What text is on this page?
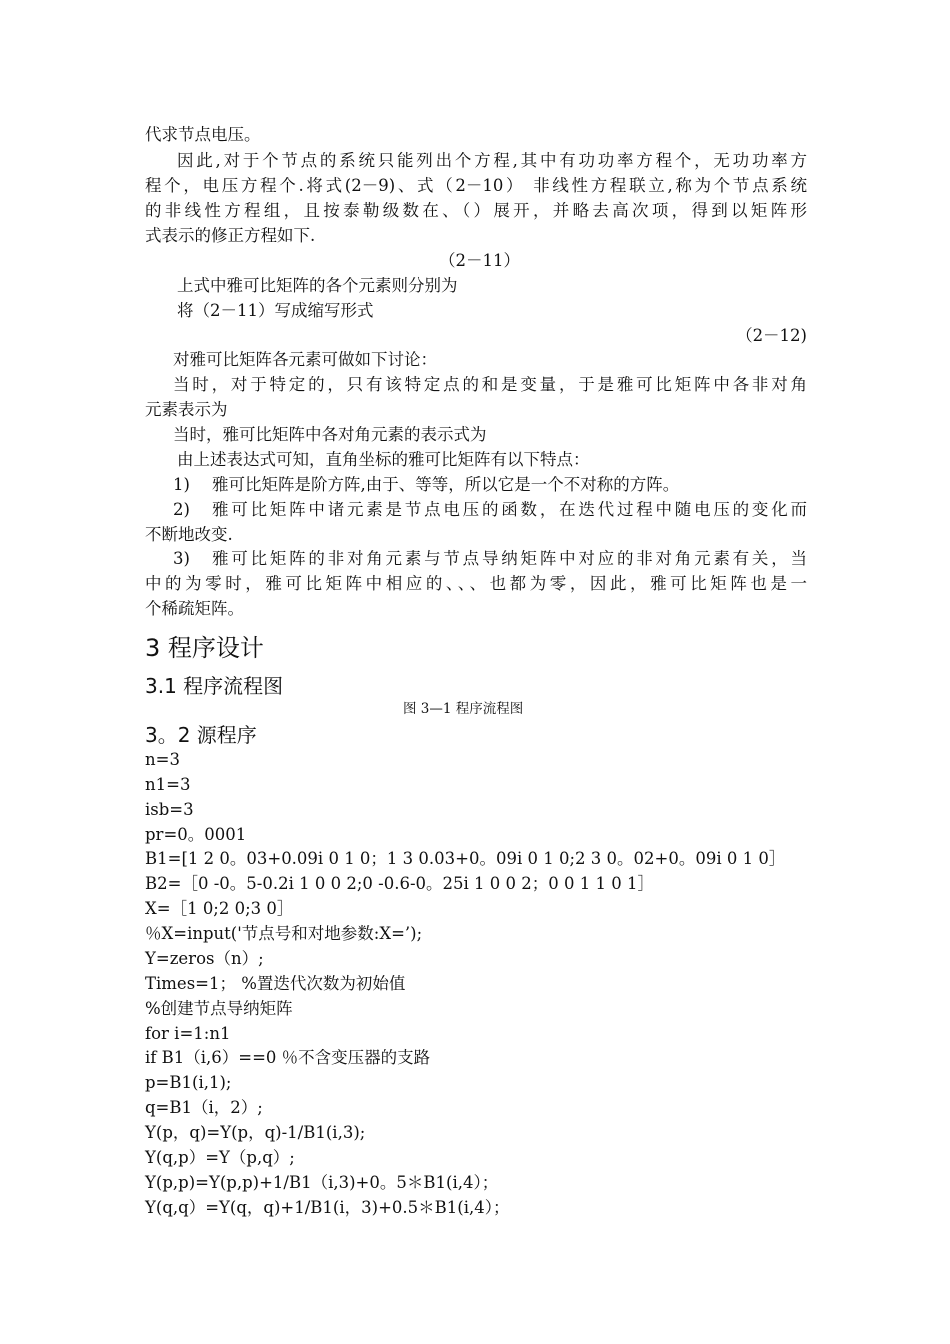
代求节点电压。
因此,对于个节点的系统只能列出个方程,其中有功功率方程个，无功功率方
程个，电压方程个.将式(2－9)、式（2－10） 非线性方程联立,称为个节点系统
的非线性方程组，且按泰勒级数在、（）展开，并略去高次项，得到以矩阵形
式表示的修正方程如下.
（2－11）
上式中雅可比矩阵的各个元素则分别为
将（2－11）写成缩写形式
（2－12)
对雅可比矩阵各元素可做如下讨论：
当时，对于特定的，只有该特定点的和是变量，于是雅可比矩阵中各非对角
元素表示为
当时，雅可比矩阵中各对角元素的表示式为
由上述表达式可知，直角坐标的雅可比矩阵有以下特点：
1) 雅可比矩阵是阶方阵,由于、等等，所以它是一个不对称的方阵。
2) 雅可比矩阵中诸元素是节点电压的函数，在迭代过程中随电压的变化而
不断地改变.
3) 雅可比矩阵的非对角元素与节点导纳矩阵中对应的非对角元素有关，当
中的为零时，雅可比矩阵中相应的、、、也都为零，因此，雅可比矩阵也是一
个稀疏矩阵。
3 程序设计
3.1 程序流程图
图 3—1 程序流程图
3。2 源程序
n=3
n1=3
isb=3
pr=0。0001
B1=[1 2 0。03+0.09i 0 1 0；1 3 0.03+0。09i 0 1 0;2 3 0。02+0。09i 0 1 0］
B2=［0 -0。5-0.2i 1 0 0 2;0 -0.6-0。25i 1 0 0 2；0 0 1 1 0 1］
X=［1 0;2 0;3 0］
％X=input('节点号和对地参数:X=’);
Y=zeros（n）;
Times=1； %置迭代次数为初始值
%创建节点导纳矩阵
for i=1:n1
if B1（i,6）==0 ％不含变压器的支路
p=B1(i,1);
q=B1（i，2）;
Y(p，q)=Y(p，q)-1/B1(i,3);
Y(q,p）=Y（p,q）;
Y(p,p)=Y(p,p)+1/B1（i,3)+0。5＊B1(i,4）；
Y(q,q）=Y(q，q)+1/B1(i，3)+0.5＊B1(i,4）；
